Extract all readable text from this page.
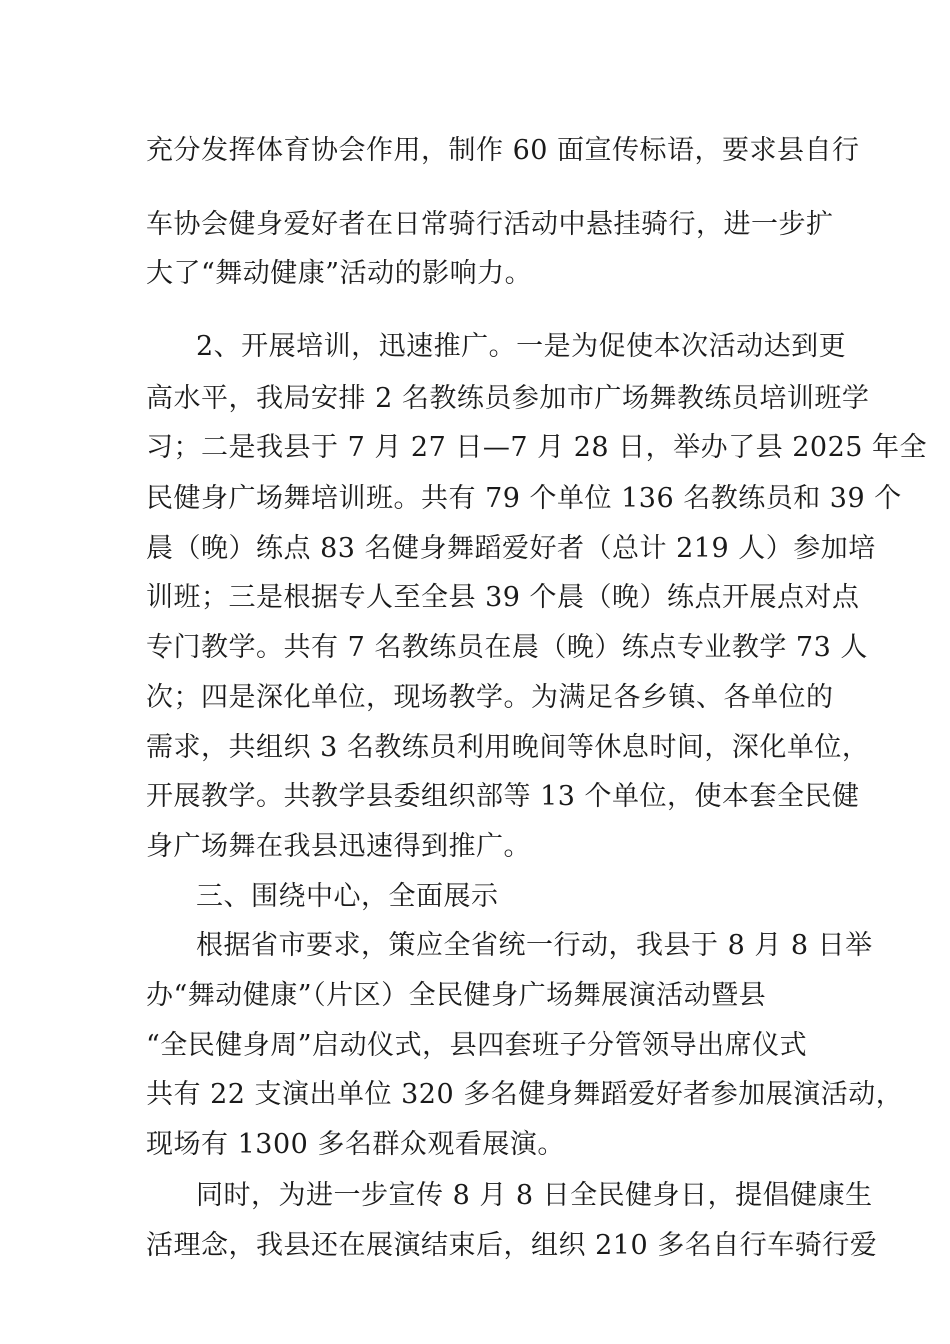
充分发挥体育协会作用，制作 60 面宣传标语，要求县自行
车协会健身爱好者在日常骑行活动中悬挂骑行，进一步扩
大了“舞动健康”活动的影响力。
2、开展培训，迅速推广。一是为促使本次活动达到更
高水平，我局安排 2 名教练员参加市广场舞教练员培训班学
习；二是我县于 7 月 27 日—7 月 28 日，举办了县 2025 年全
民健身广场舞培训班。共有 79 个单位 136 名教练员和 39 个
晨（晚）练点 83 名健身舞蹈爱好者（总计 219 人）参加培
训班；三是根据专人至全县 39 个晨（晚）练点开展点对点
专门教学。共有 7 名教练员在晨（晚）练点专业教学 73 人
次；四是深化单位，现场教学。为满足各乡镇、各单位的
需求，共组织 3 名教练员利用晚间等休息时间，深化单位，
开展教学。共教学县委组织部等 13 个单位，使本套全民健
身广场舞在我县迅速得到推广。
三、围绕中心，全面展示
根据省市要求，策应全省统一行动，我县于 8 月 8 日举
办“舞动健康”（片区）全民健身广场舞展演活动暨县
“全民健身周”启动仪式，县四套班子分管领导出席仪式
共有 22 支演出单位 320 多名健身舞蹈爱好者参加展演活动，
现场有 1300 多名群众观看展演。
同时，为进一步宣传 8 月 8 日全民健身日，提倡健康生
活理念，我县还在展演结束后，组织 210 多名自行车骑行爱
